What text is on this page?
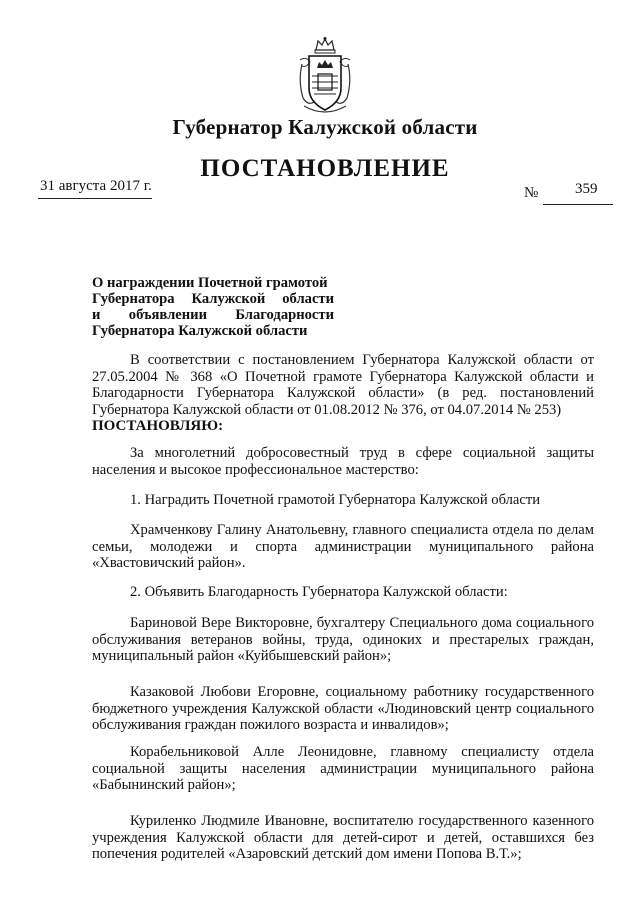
Губернатор Калужской области
ПОСТАНОВЛЕНИЕ
31 августа 2017 г.	№ 359
О награждении Почетной грамотой
Губернатора Калужской области
и объявлении Благодарности
Губернатора Калужской области
В соответствии с постановлением Губернатора Калужской области от 27.05.2004 № 368 «О Почетной грамоте Губернатора Калужской области и Благодарности Губернатора Калужской области» (в ред. постановлений Губернатора Калужской области от 01.08.2012 № 376, от 04.07.2014 № 253)
ПОСТАНОВЛЯЮ:
За многолетний добросовестный труд в сфере социальной защиты населения и высокое профессиональное мастерство:
1. Наградить Почетной грамотой Губернатора Калужской области
Храмченкову Галину Анатольевну, главного специалиста отдела по делам семьи, молодежи и спорта администрации муниципального района «Хвастовичский район».
2. Объявить Благодарность Губернатора Калужской области:
Бариновой Вере Викторовне, бухгалтеру Специального дома социального обслуживания ветеранов войны, труда, одиноких и престарелых граждан, муниципальный район «Куйбышевский район»;
Казаковой Любови Егоровне, социальному работнику государственного бюджетного учреждения Калужской области «Людиновский центр социального обслуживания граждан пожилого возраста и инвалидов»;
Корабельниковой Алле Леонидовне, главному специалисту отдела социальной защиты населения администрации муниципального района «Бабынинский район»;
Куриленко Людмиле Ивановне, воспитателю государственного казенного учреждения Калужской области для детей-сирот и детей, оставшихся без попечения родителей «Азаровский детский дом имени Попова В.Т.»;
